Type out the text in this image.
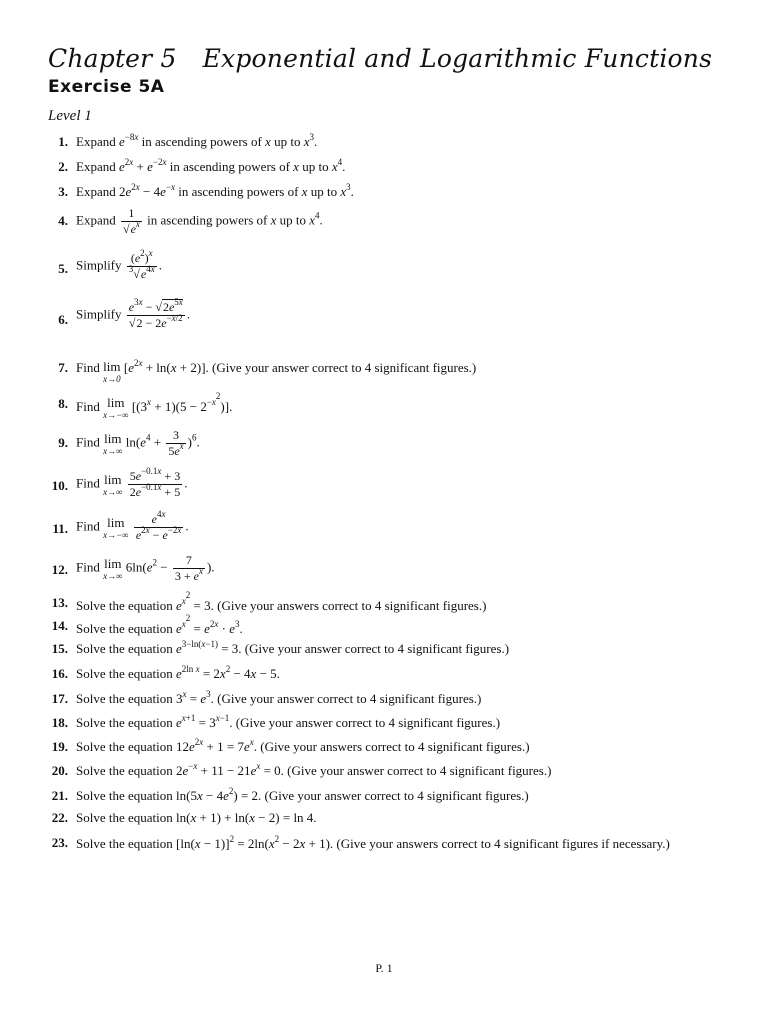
Chapter 5 Exponential and Logarithmic Functions
Exercise 5A
Level 1
1. Expand $e^{-8x}$ in ascending powers of x up to $x^3$.
2. Expand $e^{2x} + e^{-2x}$ in ascending powers of x up to $x^4$.
3. Expand $2e^{2x} - 4e^{-x}$ in ascending powers of x up to $x^3$.
4. Expand $\frac{1}{√e^x}$ in ascending powers of x up to $x^4$.
5. Simplify $\frac{(e^2)^x}{^3√e^{4x}}$ .
6. Simplify $\frac{e^{3x} - √2e^{5x}}{√2 - 2e^{-x/2}}$ .
7. Find lim
x→0
$[e^{2x} + \ln(x + 2)]$. (Give your answer correct to 4 significant figures.)
8. Find lim
x→−∞
$[(3^x + 1)(5 - 2^{-x^2})]$.
9. Find lim
x→∞
$\ln(e^4 + \frac{3}{5e^x} )^6$.
10. Find lim
x→∞
$\frac{5e^{-0.1x} + 3}{2e^{-0.1x} + 5}$ .
11. Find lim
x→−∞
$\frac{e^{4x}}{e^{2x} - e^{-2x}}$ .
12. Find lim
x→∞
$6\ln(e^2 - \frac{7}{3 + e^x}$ ).
13. Solve the equation $e^{x^2} = 3$. (Give your answers correct to 4 significant figures.)
14. Solve the equation $e^{x^2} = e^{2x} \cdot e^3$.
15. Solve the equation $e^{3-ln(x-1)} = 3$. (Give your answer correct to 4 significant figures.)
16. Solve the equation $e^{2ln x} = 2x^2 - 4x - 5$.
17. Solve the equation $3^x = e^3$. (Give your answer correct to 4 significant figures.)
18. Solve the equation $e^{x+1} = 3^{x-1}$. (Give your answer correct to 4 significant figures.)
19. Solve the equation $12e^{2x} + 1 = 7e^x$. (Give your answers correct to 4 significant figures.)
20. Solve the equation $2e^{-x} + 11 - 21e^x = 0$. (Give your answer correct to 4 significant figures.)
21. Solve the equation $\ln(5x - 4e^2) = 2$. (Give your answer correct to 4 significant figures.)
22. Solve the equation ln(x + 1) + ln(x − 2) = ln 4.
23. Solve the equation $[\ln(x - 1)]^2 = 2\ln(x^2 - 2x + 1)$. (Give your answers correct to 4 significant figures if necessary.)
P. 1
